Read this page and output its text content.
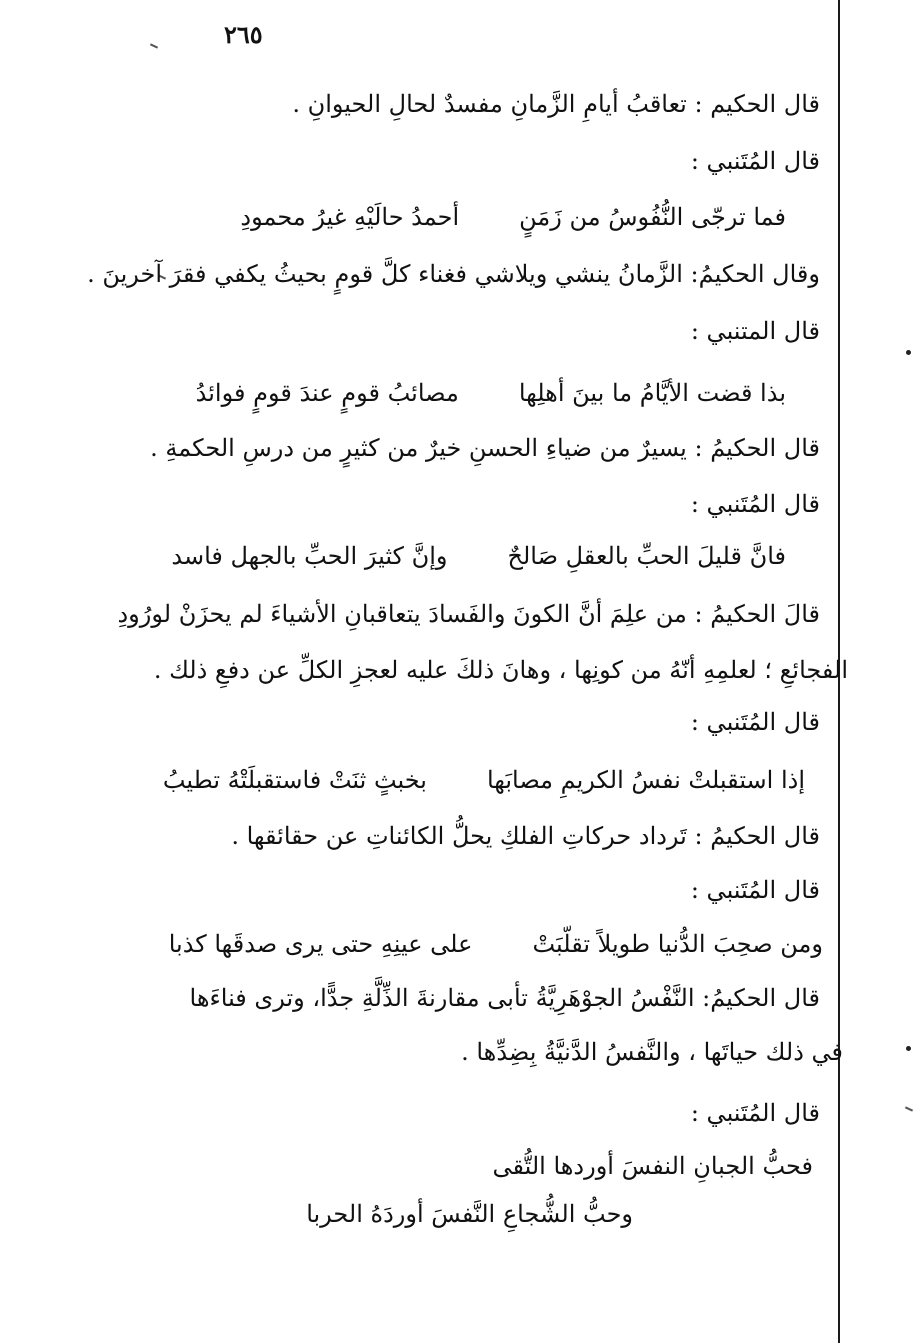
٢٦٥
قال الحكيم : تعاقبُ أيامِ الزَّمانِ مفسدٌ لحالِ الحيوانِ .
قال المُتَنبي :
فما ترجّى النُّفُوسُ من زَمَنٍ
أحمدُ حالَيْهِ غيرُ محمودِ
وقال الحكيمُ: الزَّمانُ ينشي ويلاشي فغناء كلَّ قومٍ بحيثُ يكفي فقرَ آخرينَ .
قال المتنبي :
بذا قضت الأيَّامُ ما بينَ أهلِها
مصائبُ قومٍ عندَ قومٍ فوائدُ
قال الحكيمُ : يسيرٌ من ضياءِ الحسنِ خيرٌ من كثيرٍ من درسِ الحكمةِ .
قال المُتَنبي :
فانَّ قليلَ الحبِّ بالعقلِ صَالحٌ
وإنَّ كثيرَ الحبِّ بالجهل فاسد
قالَ الحكيمُ : من علِمَ أنَّ الكونَ والفَسادَ يتعاقبانِ الأشياءَ لم يحزَنْ لورُودِ
الفجائعِ ؛ لعلمِهِ أنّهُ من كونِها ، وهانَ ذلكَ عليه لعجزِ الكلِّ عن دفعِ ذلك .
قال المُتَنبي :
إذا استقبلتْ نفسُ الكريمِ مصابَها
بخبثٍ ثنَتْ فاستقبلَتْهُ تطيبُ
قال الحكيمُ : تَرداد حركاتِ الفلكِ يحلُّ الكائناتِ عن حقائقها .
قال المُتَنبي :
ومن صحِبَ الدُّنيا طويلاً تقلّبَتْ
على عينِهِ حتى يرى صدقَها كذبا
قال الحكيمُ: النَّفْسُ الجوْهَرِيَّةُ تأبى مقارنةَ الذِّلَّةِ جدًّا، وترى فناءَها
في ذلك حياتَها ، والنَّفسُ الدَّنيَّةُ بِضِدِّها .
قال المُتَنبي :
فحبُّ الجبانِ النفسَ أوردها التُّقى
وحبُّ الشُّجاعِ النَّفسَ أوردَهُ الحربا
